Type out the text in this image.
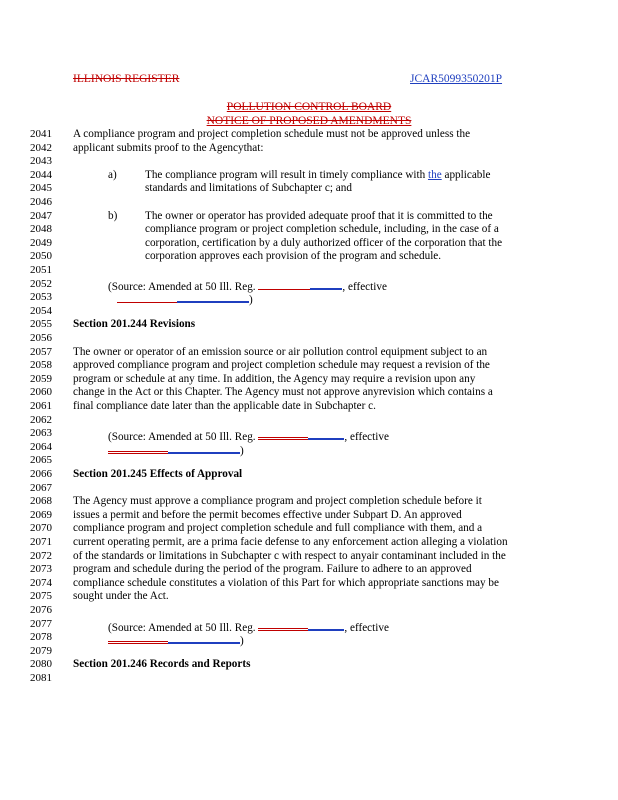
ILLINOIS REGISTER	JCAR5099350201P
POLLUTION CONTROL BOARD
NOTICE OF PROPOSED AMENDMENTS
2041	A compliance program and project completion schedule must not be approved unless the
2042	applicant submits proof to the Agencythat:
2043
2044	a)	The compliance program will result in timely compliance with the applicable
2045	standards and limitations of Subchapter c; and
2046
2047	b) The owner or operator has provided adequate proof that it is committed to the
2048	compliance program or project completion schedule, including, in the case of a
2049	corporation, certification by a duly authorized officer of the corporation that the
2050	corporation approves each provision of the program and schedule.
2051
2052	(Source: Amended at 50 Ill. Reg.	, effective
2053	)
2054
2055	Section 201.244 Revisions
2056
2057	The owner or operator of an emission source or air pollution control equipment subject to an
2058	approved compliance program and project completion schedule may request a revision of the
2059	program or schedule at any time. In addition, the Agency may require a revision upon any
2060	change in the Act or this Chapter. The Agency must not approve anyrevision which contains a
2061	final compliance date later than the applicable date in Subchapter c.
2062
2063	(Source: Amended at 50 Ill. Reg.	, effective
2064	)
2065
2066	Section 201.245 Effects of Approval
2067
2068	The Agency must approve a compliance program and project completion schedule before it
2069	issues a permit and before the permit becomes effective under Subpart D. An approved
2070	compliance program and project completion schedule and full compliance with them, and a
2071	current operating permit, are a prima facie defense to any enforcement action alleging a violation
2072	of the standards or limitations in Subchapter c with respect to anyair contaminant included in the
2073	program and schedule during the period of the program. Failure to adhere to an approved
2074	compliance schedule constitutes a violation of this Part for which appropriate sanctions may be
2075	sought under the Act.
2076
2077	(Source: Amended at 50 Ill. Reg.	, effective
2078	)
2079
2080	Section 201.246 Records and Reports
2081
